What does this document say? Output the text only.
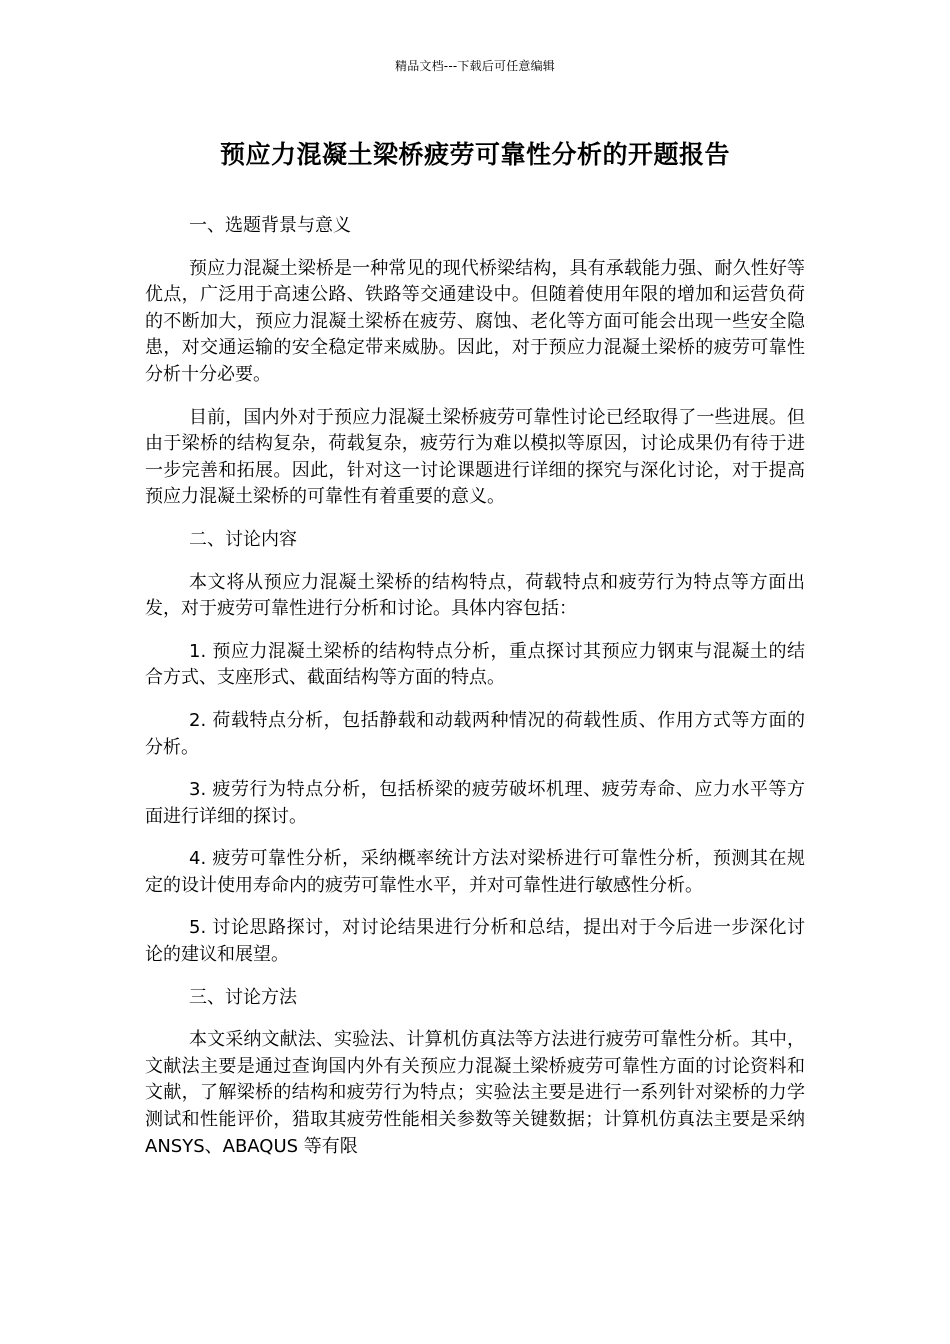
精品文档---下载后可任意编辑
预应力混凝土梁桥疲劳可靠性分析的开题报告
一、选题背景与意义

预应力混凝土梁桥是一种常见的现代桥梁结构，具有承载能力强、耐久性好等优点，广泛用于高速公路、铁路等交通建设中。但随着使用年限的增加和运营负荷的不断加大，预应力混凝土梁桥在疲劳、腐蚀、老化等方面可能会出现一些安全隐患，对交通运输的安全稳定带来威胁。因此，对于预应力混凝土梁桥的疲劳可靠性分析十分必要。

目前，国内外对于预应力混凝土梁桥疲劳可靠性讨论已经取得了一些进展。但由于梁桥的结构复杂，荷载复杂，疲劳行为难以模拟等原因，讨论成果仍有待于进一步完善和拓展。因此，针对这一讨论课题进行详细的探究与深化讨论，对于提高预应力混凝土梁桥的可靠性有着重要的意义。

二、讨论内容

本文将从预应力混凝土梁桥的结构特点，荷载特点和疲劳行为特点等方面出发，对于疲劳可靠性进行分析和讨论。具体内容包括：

1. 预应力混凝土梁桥的结构特点分析，重点探讨其预应力钢束与混凝土的结合方式、支座形式、截面结构等方面的特点。

2. 荷载特点分析，包括静载和动载两种情况的荷载性质、作用方式等方面的分析。

3. 疲劳行为特点分析，包括桥梁的疲劳破坏机理、疲劳寿命、应力水平等方面进行详细的探讨。

4. 疲劳可靠性分析，采纳概率统计方法对梁桥进行可靠性分析，预测其在规定的设计使用寿命内的疲劳可靠性水平，并对可靠性进行敏感性分析。

5. 讨论思路探讨，对讨论结果进行分析和总结，提出对于今后进一步深化讨论的建议和展望。

三、讨论方法

本文采纳文献法、实验法、计算机仿真法等方法进行疲劳可靠性分析。其中，文献法主要是通过查询国内外有关预应力混凝土梁桥疲劳可靠性方面的讨论资料和文献，了解梁桥的结构和疲劳行为特点；实验法主要是进行一系列针对梁桥的力学测试和性能评价，猎取其疲劳性能相关参数等关键数据；计算机仿真法主要是采纳 ANSYS、ABAQUS 等有限
